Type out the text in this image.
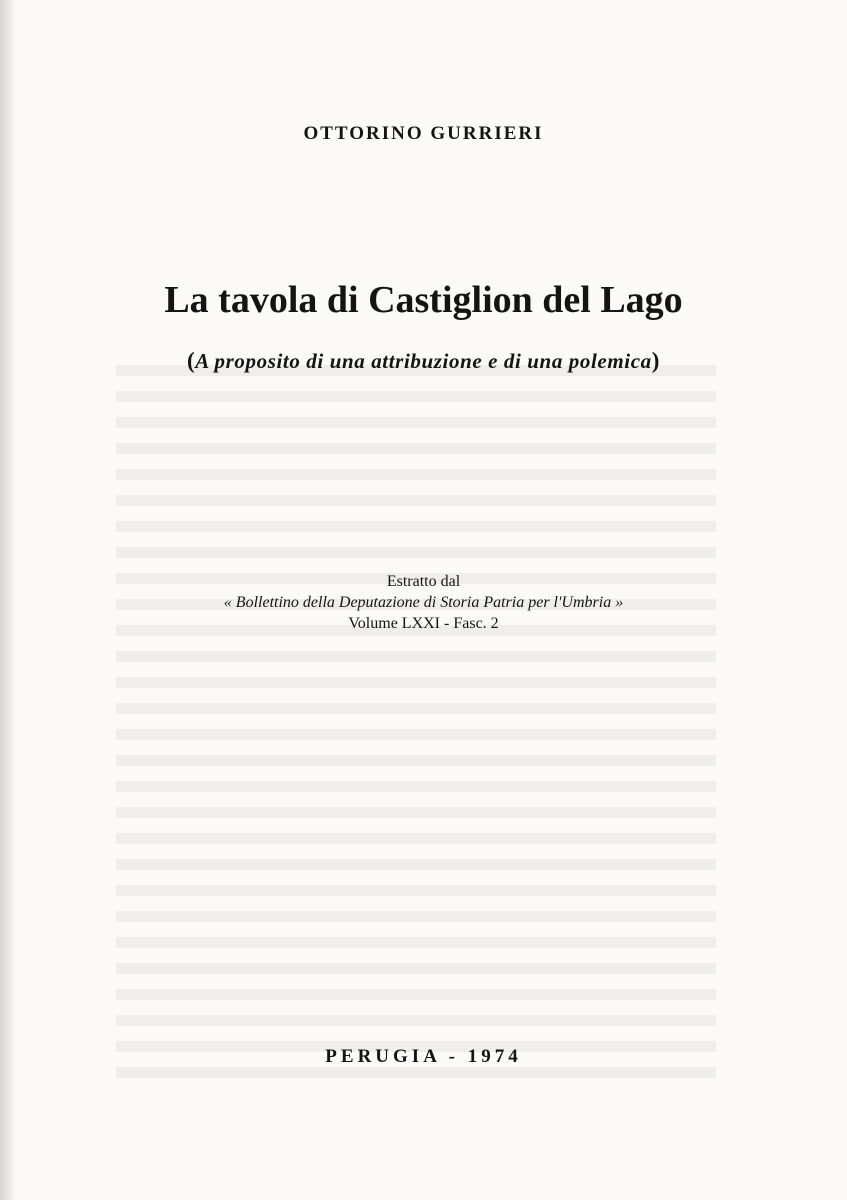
OTTORINO GURRIERI
La tavola di Castiglion del Lago
(A proposito di una attribuzione e di una polemica)
Estratto dal
« Bollettino della Deputazione di Storia Patria per l'Umbria »
Volume LXXI - Fasc. 2
PERUGIA - 1974
